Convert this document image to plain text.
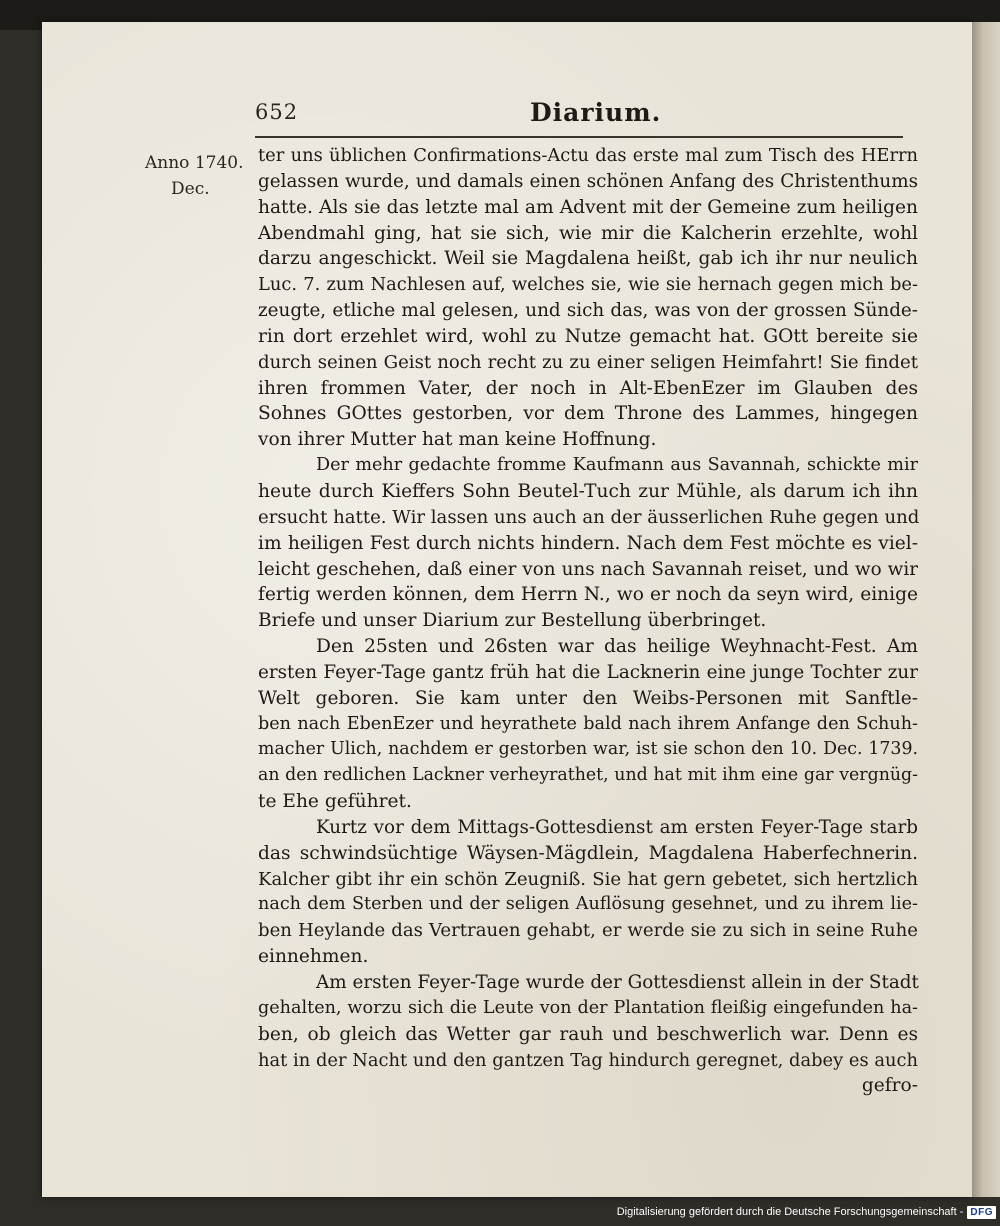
652	Diarium.
Anno 1740.
Dec.
ter uns üblichen Confirmations-Actu das erste mal zum Tisch des HErrn
gelassen wurde, und damals einen schönen Anfang des Christenthums
hatte. Als sie das letzte mal am Advent mit der Gemeine zum heiligen
Abendmahl ging, hat sie sich, wie mir die Kalcherin erzehlte, wohl
darzu angeschickt. Weil sie Magdalena heißt, gab ich ihr nur neulich
Luc. 7. zum Nachlesen auf, welches sie, wie sie hernach gegen mich be-
zeugte, etliche mal gelesen, und sich das, was von der grossen Sünde-
rin dort erzehlet wird, wohl zu Nutze gemacht hat. GOtt bereite sie
durch seinen Geist noch recht zu zu einer seligen Heimfahrt! Sie findet
ihren frommen Vater, der noch in Alt-EbenEzer im Glauben des
Sohnes GOttes gestorben, vor dem Throne des Lammes, hingegen
von ihrer Mutter hat man keine Hoffnung.
Der mehr gedachte fromme Kaufmann aus Savannah, schickte mir
heute durch Kieffers Sohn Beutel-Tuch zur Mühle, als darum ich ihn
ersucht hatte. Wir lassen uns auch an der äusserlichen Ruhe gegen und
im heiligen Fest durch nichts hindern. Nach dem Fest möchte es viel-
leicht geschehen, daß einer von uns nach Savannah reiset, und wo wir
fertig werden können, dem Herrn N., wo er noch da seyn wird, einige
Briefe und unser Diarium zur Bestellung überbringet.
Den 25sten und 26sten war das heilige Weyhnacht-Fest. Am
ersten Feyer-Tage gantz früh hat die Lacknerin eine junge Tochter zur
Welt geboren. Sie kam unter den Weibs-Personen mit Sanftle-
ben nach EbenEzer und heyrathete bald nach ihrem Anfange den Schuh-
macher Ulich, nachdem er gestorben war, ist sie schon den 10. Dec. 1739.
an den redlichen Lackner verheyrathet, und hat mit ihm eine gar vergnüg-
te Ehe geführet.
Kurtz vor dem Mittags-Gottesdienst am ersten Feyer-Tage starb
das schwindsüchtige Wäysen-Mägdlein, Magdalena Haberfechnerin.
Kalcher gibt ihr ein schön Zeugniß. Sie hat gern gebetet, sich hertzlich
nach dem Sterben und der seligen Auflösung gesehnet, und zu ihrem lie-
ben Heylande das Vertrauen gehabt, er werde sie zu sich in seine Ruhe
einnehmen.
Am ersten Feyer-Tage wurde der Gottesdienst allein in der Stadt
gehalten, worzu sich die Leute von der Plantation fleißig eingefunden ha-
ben, ob gleich das Wetter gar rauh und beschwerlich war. Denn es
hat in der Nacht und den gantzen Tag hindurch geregnet, dabey es auch
gefro-
Digitalisierung gefördert durch die Deutsche Forschungsgemeinschaft - DFG
